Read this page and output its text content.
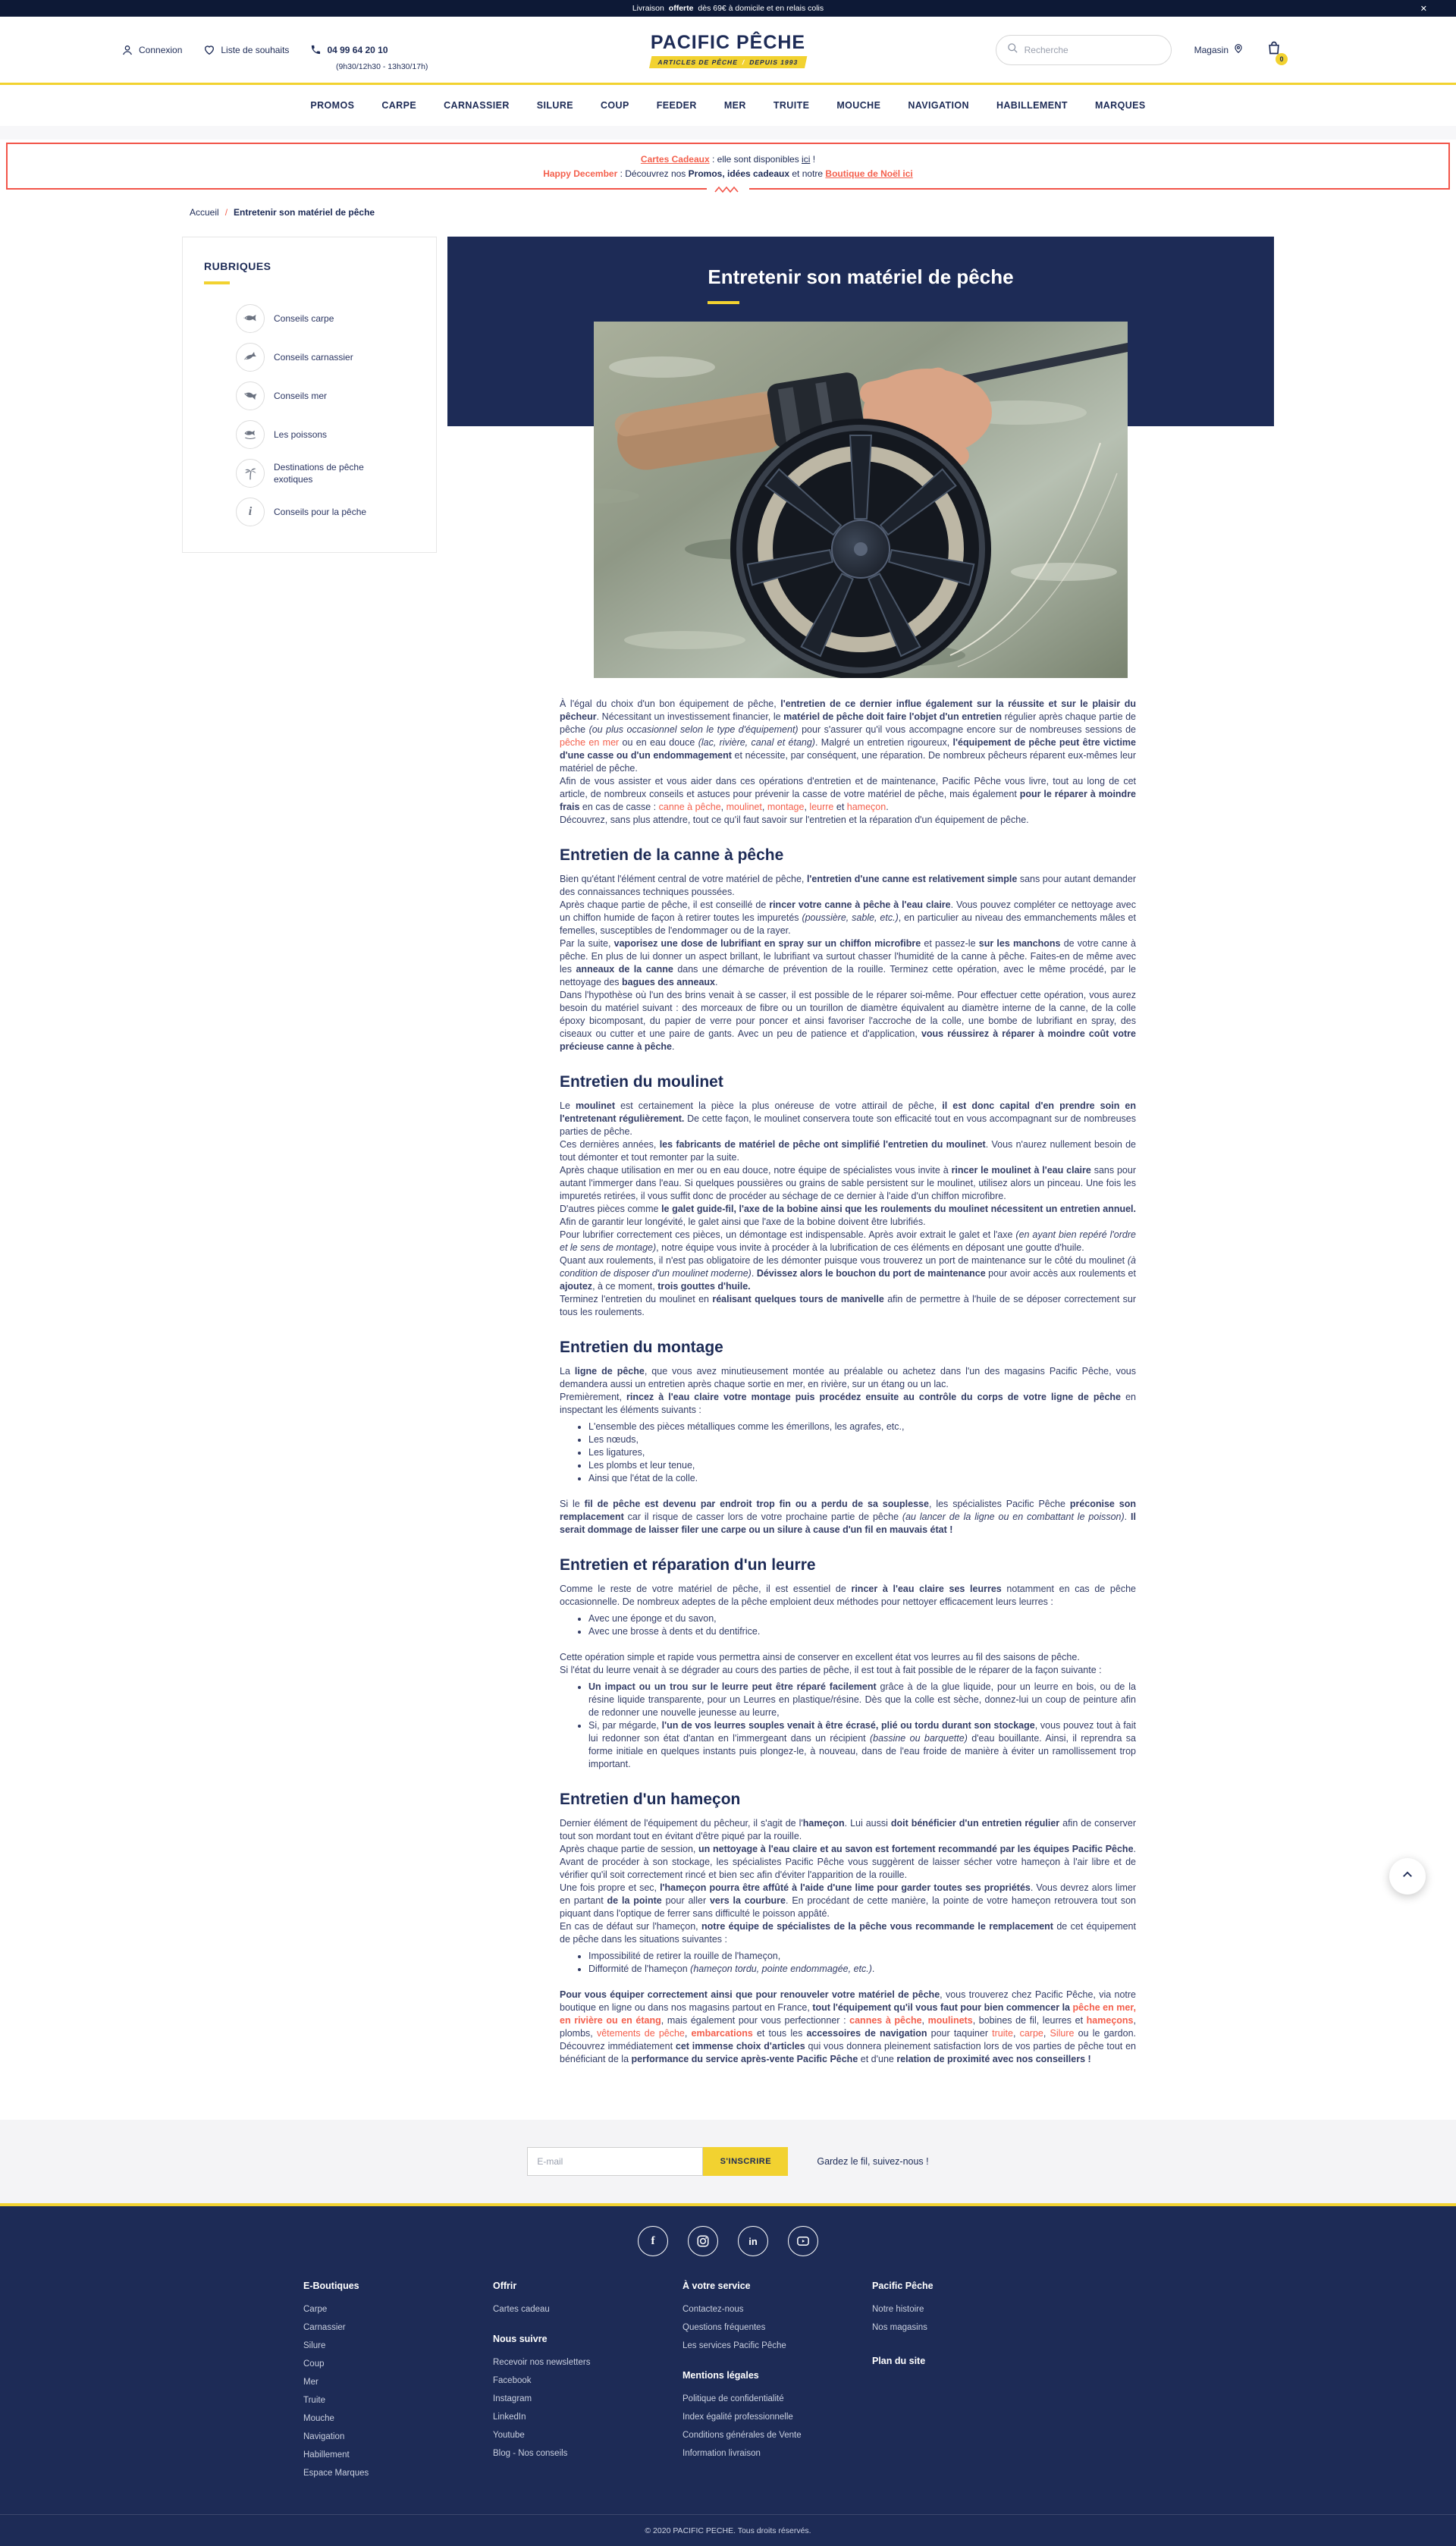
Livraison offerte dès 69€ à domicile et en relais colis	✕
Connexion	Liste de souhaits	04 99 64 20 10
(9h30/12h30 - 13h30/17h)
PACIFIC PÊCHE
ARTICLES DE PÊCHE / DEPUIS 1993
Recherche
Magasin
0
PROMOS	CARPE	CARNASSIER	SILURE	COUP	FEEDER	MER	TRUITE	MOUCHE	NAVIGATION	HABILLEMENT	MARQUES
Cartes Cadeaux : elle sont disponibles ici !
Happy December : Découvrez nos Promos, idées cadeaux et notre Boutique de Noël ici
Accueil / Entretenir son matériel de pêche
RUBRIQUES
Conseils carpe
Conseils carnassier
Conseils mer
Les poissons
Destinations de pêche exotiques
i	Conseils pour la pêche
Entretenir son matériel de pêche

À l'égal du choix d'un bon équipement de pêche, l'entretien de ce dernier influe également sur la réussite et sur le plaisir du pêcheur. Nécessitant un investissement financier, le matériel de pêche doit faire l'objet d'un entretien régulier après chaque partie de pêche (ou plus occasionnel selon le type d'équipement) pour s'assurer qu'il vous accompagne encore sur de nombreuses sessions de pêche en mer ou en eau douce (lac, rivière, canal et étang). Malgré un entretien rigoureux, l'équipement de pêche peut être victime d'une casse ou d'un endommagement et nécessite, par conséquent, une réparation. De nombreux pêcheurs réparent eux-mêmes leur matériel de pêche.

Afin de vous assister et vous aider dans ces opérations d'entretien et de maintenance, Pacific Pêche vous livre, tout au long de cet article, de nombreux conseils et astuces pour prévenir la casse de votre matériel de pêche, mais également pour le réparer à moindre frais en cas de casse : canne à pêche, moulinet, montage, leurre et hameçon.

Découvrez, sans plus attendre, tout ce qu'il faut savoir sur l'entretien et la réparation d'un équipement de pêche.

Entretien de la canne à pêche

Bien qu'étant l'élément central de votre matériel de pêche, l'entretien d'une canne est relativement simple sans pour autant demander des connaissances techniques poussées.

Après chaque partie de pêche, il est conseillé de rincer votre canne à pêche à l'eau claire. Vous pouvez compléter ce nettoyage avec un chiffon humide de façon à retirer toutes les impuretés (poussière, sable, etc.), en particulier au niveau des emmanchements mâles et femelles, susceptibles de l'endommager ou de la rayer.

Par la suite, vaporisez une dose de lubrifiant en spray sur un chiffon microfibre et passez-le sur les manchons de votre canne à pêche. En plus de lui donner un aspect brillant, le lubrifiant va surtout chasser l'humidité de la canne à pêche. Faites-en de même avec les anneaux de la canne dans une démarche de prévention de la rouille. Terminez cette opération, avec le même procédé, par le nettoyage des bagues des anneaux.

Dans l'hypothèse où l'un des brins venait à se casser, il est possible de le réparer soi-même. Pour effectuer cette opération, vous aurez besoin du matériel suivant : des morceaux de fibre ou un tourillon de diamètre équivalent au diamètre interne de la canne, de la colle époxy bicomposant, du papier de verre pour poncer et ainsi favoriser l'accroche de la colle, une bombe de lubrifiant en spray, des ciseaux ou cutter et une paire de gants. Avec un peu de patience et d'application, vous réussirez à réparer à moindre coût votre précieuse canne à pêche.

Entretien du moulinet

Le moulinet est certainement la pièce la plus onéreuse de votre attirail de pêche, il est donc capital d'en prendre soin en l'entretenant régulièrement. De cette façon, le moulinet conservera toute son efficacité tout en vous accompagnant sur de nombreuses parties de pêche.

Ces dernières années, les fabricants de matériel de pêche ont simplifié l'entretien du moulinet. Vous n'aurez nullement besoin de tout démonter et tout remonter par la suite.

Après chaque utilisation en mer ou en eau douce, notre équipe de spécialistes vous invite à rincer le moulinet à l'eau claire sans pour autant l'immerger dans l'eau. Si quelques poussières ou grains de sable persistent sur le moulinet, utilisez alors un pinceau. Une fois les impuretés retirées, il vous suffit donc de procéder au séchage de ce dernier à l'aide d'un chiffon microfibre.

D'autres pièces comme le galet guide-fil, l'axe de la bobine ainsi que les roulements du moulinet nécessitent un entretien annuel. Afin de garantir leur longévité, le galet ainsi que l'axe de la bobine doivent être lubrifiés.

Pour lubrifier correctement ces pièces, un démontage est indispensable. Après avoir extrait le galet et l'axe (en ayant bien repéré l'ordre et le sens de montage), notre équipe vous invite à procéder à la lubrification de ces éléments en déposant une goutte d'huile.

Quant aux roulements, il n'est pas obligatoire de les démonter puisque vous trouverez un port de maintenance sur le côté du moulinet (à condition de disposer d'un moulinet moderne). Dévissez alors le bouchon du port de maintenance pour avoir accès aux roulements et ajoutez, à ce moment, trois gouttes d'huile.

Terminez l'entretien du moulinet en réalisant quelques tours de manivelle afin de permettre à l'huile de se déposer correctement sur tous les roulements.

Entretien du montage

La ligne de pêche, que vous avez minutieusement montée au préalable ou achetez dans l'un des magasins Pacific Pêche, vous demandera aussi un entretien après chaque sortie en mer, en rivière, sur un étang ou un lac.

Premièrement, rincez à l'eau claire votre montage puis procédez ensuite au contrôle du corps de votre ligne de pêche en inspectant les éléments suivants :

• L'ensemble des pièces métalliques comme les émerillons, les agrafes, etc.,
• Les nœuds,
• Les ligatures,
• Les plombs et leur tenue,
• Ainsi que l'état de la colle.

Si le fil de pêche est devenu par endroit trop fin ou a perdu de sa souplesse, les spécialistes Pacific Pêche préconise son remplacement car il risque de casser lors de votre prochaine partie de pêche (au lancer de la ligne ou en combattant le poisson). Il serait dommage de laisser filer une carpe ou un silure à cause d'un fil en mauvais état !

Entretien et réparation d'un leurre

Comme le reste de votre matériel de pêche, il est essentiel de rincer à l'eau claire ses leurres notamment en cas de pêche occasionnelle. De nombreux adeptes de la pêche emploient deux méthodes pour nettoyer efficacement leurs leurres :

• Avec une éponge et du savon,
• Avec une brosse à dents et du dentifrice.

Cette opération simple et rapide vous permettra ainsi de conserver en excellent état vos leurres au fil des saisons de pêche.

Si l'état du leurre venait à se dégrader au cours des parties de pêche, il est tout à fait possible de le réparer de la façon suivante :

• Un impact ou un trou sur le leurre peut être réparé facilement grâce à de la glue liquide, pour un leurre en bois, ou de la résine liquide transparente, pour un Leurres en plastique/résine. Dès que la colle est sèche, donnez-lui un coup de peinture afin de redonner une nouvelle jeunesse au leurre,
• Si, par mégarde, l'un de vos leurres souples venait à être écrasé, plié ou tordu durant son stockage, vous pouvez tout à fait lui redonner son état d'antan en l'immergeant dans un récipient (bassine ou barquette) d'eau bouillante. Ainsi, il reprendra sa forme initiale en quelques instants puis plongez-le, à nouveau, dans de l'eau froide de manière à éviter un ramollissement trop important.
Entretien d'un hameçon

Dernier élément de l'équipement du pêcheur, il s'agit de l'hameçon. Lui aussi doit bénéficier d'un entretien régulier afin de conserver tout son mordant tout en évitant d'être piqué par la rouille.

Après chaque partie de session, un nettoyage à l'eau claire et au savon est fortement recommandé par les équipes Pacific Pêche. Avant de procéder à son stockage, les spécialistes Pacific Pêche vous suggèrent de laisser sécher votre hameçon à l'air libre et de vérifier qu'il soit correctement rincé et bien sec afin d'éviter l'apparition de la rouille.

Une fois propre et sec, l'hameçon pourra être affûté à l'aide d'une lime pour garder toutes ses propriétés. Vous devrez alors limer en partant de la pointe pour aller vers la courbure. En procédant de cette manière, la pointe de votre hameçon retrouvera tout son piquant dans l'optique de ferrer sans difficulté le poisson appâté.

En cas de défaut sur l'hameçon, notre équipe de spécialistes de la pêche vous recommande le remplacement de cet équipement de pêche dans les situations suivantes :

• Impossibilité de retirer la rouille de l'hameçon,
• Difformité de l'hameçon (hameçon tordu, pointe endommagée, etc.).

Pour vous équiper correctement ainsi que pour renouveler votre matériel de pêche, vous trouverez chez Pacific Pêche, via notre boutique en ligne ou dans nos magasins partout en France, tout l'équipement qu'il vous faut pour bien commencer la pêche en mer, en rivière ou en étang, mais également pour vous perfectionner : cannes à pêche, moulinets, bobines de fil, leurres et hameçons, plombs, vêtements de pêche, embarcations et tous les accessoires de navigation pour taquiner truite, carpe, Silure ou le gardon. Découvrez immédiatement cet immense choix d'articles qui vous donnera pleinement satisfaction lors de vos parties de pêche tout en bénéficiant de la performance du service après-vente Pacific Pêche et d'une relation de proximité avec nos conseillers !

E-mail
S'INSCRIRE	Gardez le fil, suivez-nous !
f	in
E-Boutiques
Carpe
Carnassier
Silure
Coup
Mer
Truite
Mouche
Navigation
Habillement
Espace Marques
Offrir
Cartes cadeau
Nous suivre
Recevoir nos newsletters
Facebook
Instagram
LinkedIn
Youtube
Blog - Nos conseils
À votre service
Contactez-nous
Questions fréquentes
Les services Pacific Pêche
Mentions légales
Politique de confidentialité
Index égalité professionnelle
Conditions générales de Vente
Information livraison
Pacific Pêche
Notre histoire
Nos magasins
Plan du site
© 2020 PACIFIC PECHE. Tous droits réservés.
